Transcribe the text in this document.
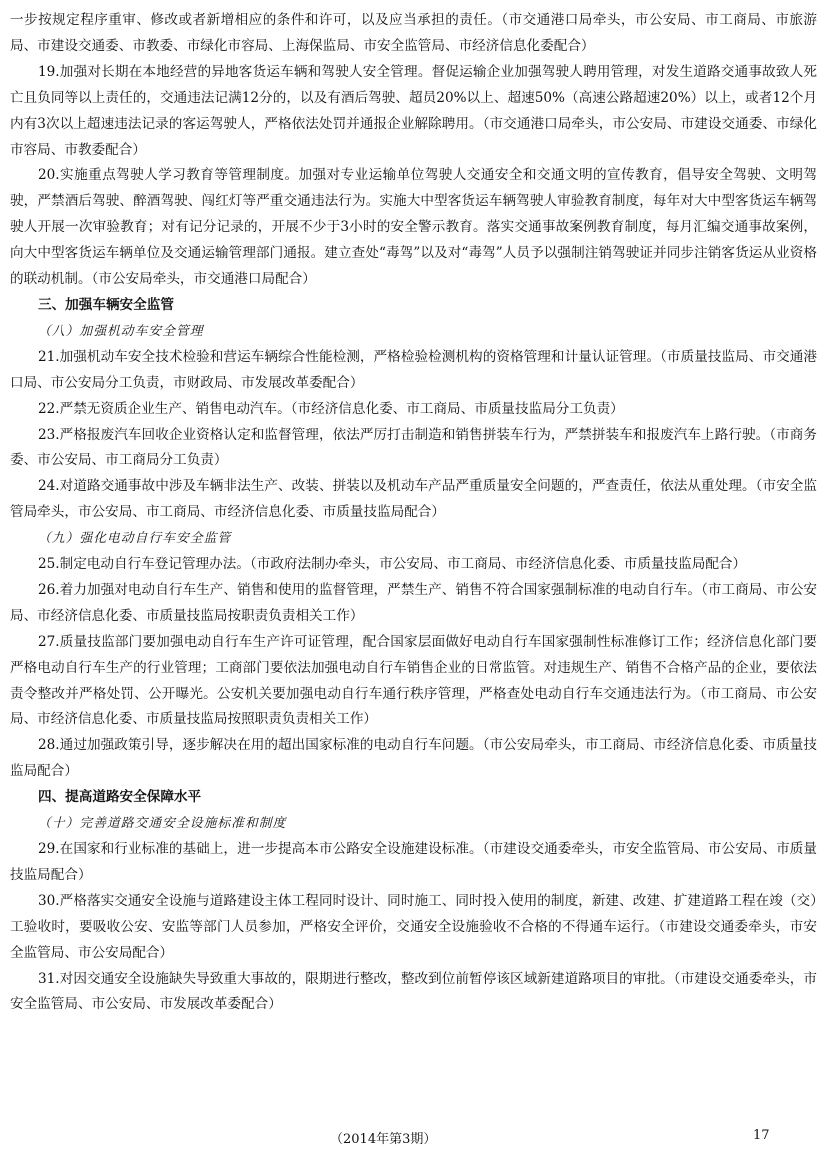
一步按规定程序重审、修改或者新增相应的条件和许可，以及应当承担的责任。（市交通港口局牵头，市公安局、市工商局、市旅游局、市建设交通委、市教委、市绿化市容局、上海保监局、市安全监管局、市经济信息化委配合）

19.加强对长期在本地经营的异地客货运车辆和驾驶人安全管理。督促运输企业加强驾驶人聘用管理，对发生道路交通事故致人死亡且负同等以上责任的，交通违法记满12分的，以及有酒后驾驶、超员20%以上、超速50%（高速公路超速20%）以上，或者12个月内有3次以上超速违法记录的客运驾驶人，严格依法处罚并通报企业解除聘用。（市交通港口局牵头，市公安局、市建设交通委、市绿化市容局、市教委配合）

20.实施重点驾驶人学习教育等管理制度。加强对专业运输单位驾驶人交通安全和交通文明的宣传教育，倡导安全驾驶、文明驾驶，严禁酒后驾驶、醉酒驾驶、闯红灯等严重交通违法行为。实施大中型客货运车辆驾驶人审验教育制度，每年对大中型客货运车辆驾驶人开展一次审验教育；对有记分记录的，开展不少于3小时的安全警示教育。落实交通事故案例教育制度，每月汇编交通事故案例，向大中型客货运车辆单位及交通运输管理部门通报。建立查处“毒驾”以及对“毒驾”人员予以强制注销驾驶证并同步注销客货运从业资格的联动机制。（市公安局牵头，市交通港口局配合）

三、加强车辆安全监管

（八）加强机动车安全管理

21.加强机动车安全技术检验和营运车辆综合性能检测，严格检验检测机构的资格管理和计量认证管理。（市质量技监局、市交通港口局、市公安局分工负责，市财政局、市发展改革委配合）

22.严禁无资质企业生产、销售电动汽车。（市经济信息化委、市工商局、市质量技监局分工负责）

23.严格报废汽车回收企业资格认定和监督管理，依法严厉打击制造和销售拼装车行为，严禁拼装车和报废汽车上路行驶。（市商务委、市公安局、市工商局分工负责）

24.对道路交通事故中涉及车辆非法生产、改装、拼装以及机动车产品严重质量安全问题的，严查责任，依法从重处理。（市安全监管局牵头，市公安局、市工商局、市经济信息化委、市质量技监局配合）

（九）强化电动自行车安全监管

25.制定电动自行车登记管理办法。（市政府法制办牵头，市公安局、市工商局、市经济信息化委、市质量技监局配合）

26.着力加强对电动自行车生产、销售和使用的监督管理，严禁生产、销售不符合国家强制标准的电动自行车。（市工商局、市公安局、市经济信息化委、市质量技监局按职责负责相关工作）

27.质量技监部门要加强电动自行车生产许可证管理，配合国家层面做好电动自行车国家强制性标准修订工作；经济信息化部门要严格电动自行车生产的行业管理；工商部门要依法加强电动自行车销售企业的日常监管。对违规生产、销售不合格产品的企业，要依法责令整改并严格处罚、公开曝光。公安机关要加强电动自行车通行秩序管理，严格查处电动自行车交通违法行为。（市工商局、市公安局、市经济信息化委、市质量技监局按照职责负责相关工作）

28.通过加强政策引导，逐步解决在用的超出国家标准的电动自行车问题。（市公安局牵头，市工商局、市经济信息化委、市质量技监局配合）

四、提高道路安全保障水平

（十）完善道路交通安全设施标准和制度

29.在国家和行业标准的基础上，进一步提高本市公路安全设施建设标准。（市建设交通委牵头，市安全监管局、市公安局、市质量技监局配合）

30.严格落实交通安全设施与道路建设主体工程同时设计、同时施工、同时投入使用的制度，新建、改建、扩建道路工程在竣（交）工验收时，要吸收公安、安监等部门人员参加，严格安全评价，交通安全设施验收不合格的不得通车运行。（市建设交通委牵头，市安全监管局、市公安局配合）

31.对因交通安全设施缺失导致重大事故的，限期进行整改，整改到位前暂停该区域新建道路项目的审批。（市建设交通委牵头，市安全监管局、市公安局、市发展改革委配合）

（2014年第3期）	17
